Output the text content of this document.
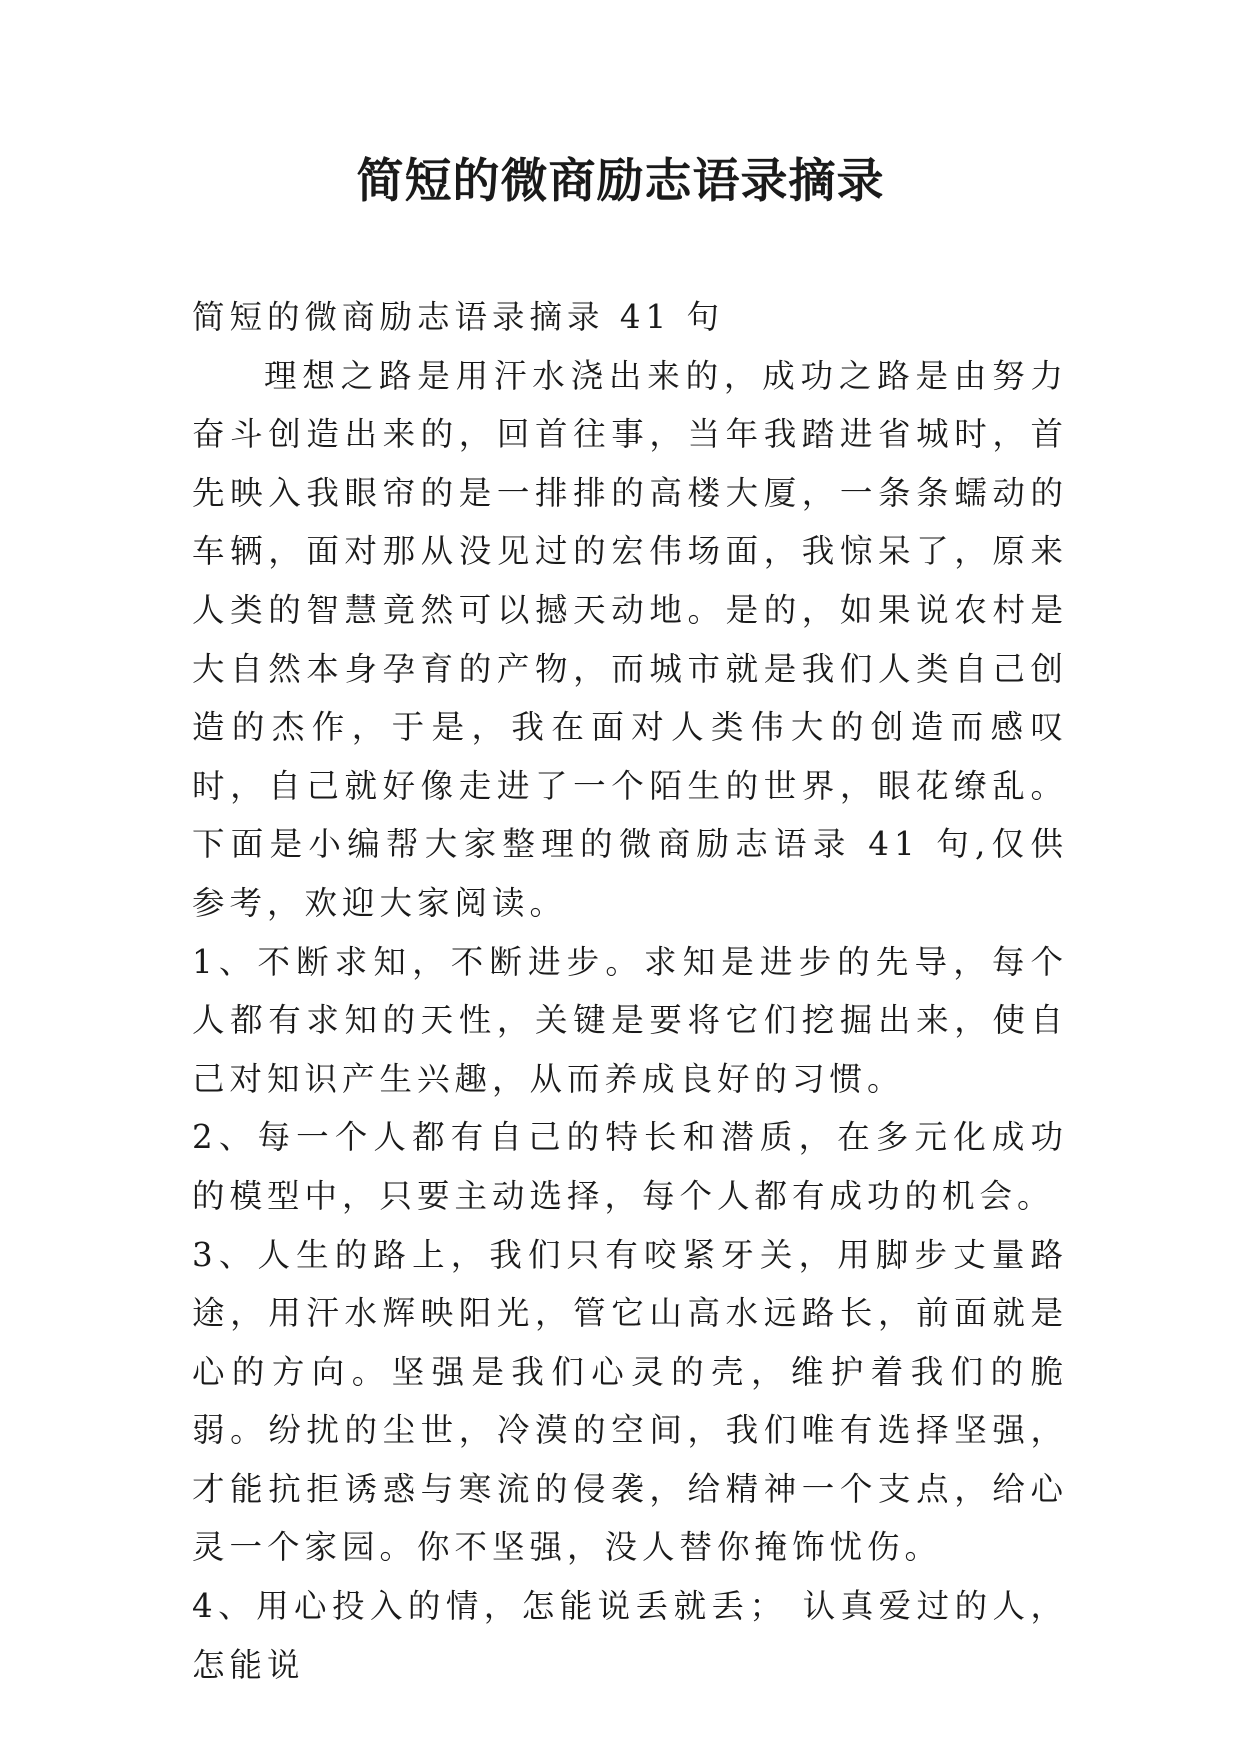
简短的微商励志语录摘录

简短的微商励志语录摘录 41 句

理想之路是用汗水浇出来的，成功之路是由努力奋斗创造出来的，回首往事，当年我踏进省城时，首先映入我眼帘的是一排排的高楼大厦，一条条蠕动的车辆，面对那从没见过的宏伟场面，我惊呆了，原来人类的智慧竟然可以撼天动地。是的，如果说农村是大自然本身孕育的产物，而城市就是我们人类自己创造的杰作，于是，我在面对人类伟大的创造而感叹时，自己就好像走进了一个陌生的世界，眼花缭乱。下面是小编帮大家整理的微商励志语录 41 句,仅供参考，欢迎大家阅读。

1、不断求知，不断进步。求知是进步的先导，每个人都有求知的天性，关键是要将它们挖掘出来，使自己对知识产生兴趣，从而养成良好的习惯。

2、每一个人都有自己的特长和潜质，在多元化成功的模型中，只要主动选择，每个人都有成功的机会。

3、人生的路上，我们只有咬紧牙关，用脚步丈量路途，用汗水辉映阳光，管它山高水远路长，前面就是心的方向。坚强是我们心灵的壳，维护着我们的脆弱。纷扰的尘世，冷漠的空间，我们唯有选择坚强，才能抗拒诱惑与寒流的侵袭，给精神一个支点，给心灵一个家园。你不坚强，没人替你掩饰忧伤。

4、用心投入的情，怎能说丢就丢； 认真爱过的人，怎能说
